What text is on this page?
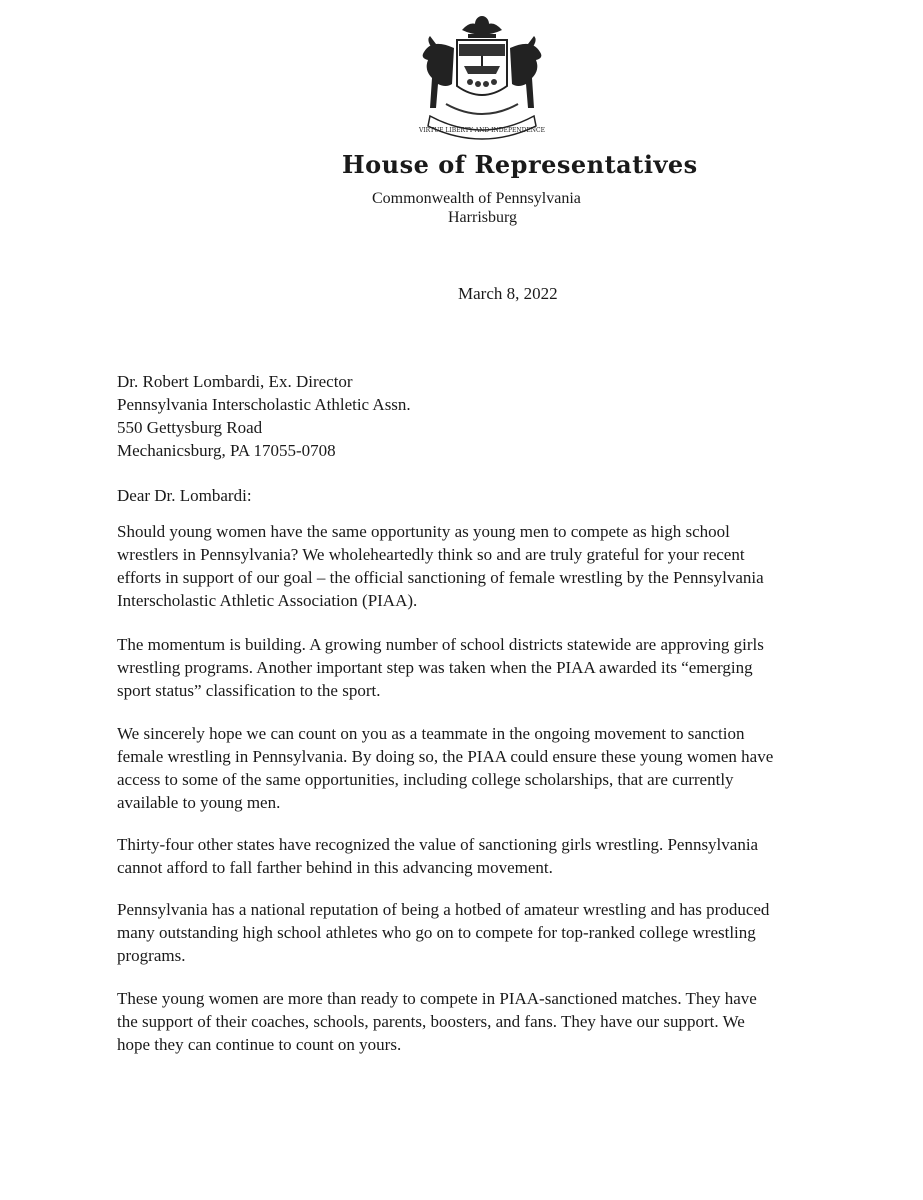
VIRTUE LIBERTY AND INDEPENDENCE
House of Representatives
Commonwealth of Pennsylvania
Harrisburg
March 8, 2022
Dr. Robert Lombardi, Ex. Director
Pennsylvania Interscholastic Athletic Assn.
550 Gettysburg Road
Mechanicsburg, PA 17055-0708
Dear Dr. Lombardi:
Should young women have the same opportunity as young men to compete as high school
wrestlers in Pennsylvania? We wholeheartedly think so and are truly grateful for your recent
efforts in support of our goal – the official sanctioning of female wrestling by the Pennsylvania
Interscholastic Athletic Association (PIAA).
The momentum is building. A growing number of school districts statewide are approving girls
wrestling programs. Another important step was taken when the PIAA awarded its “emerging
sport status” classification to the sport.
We sincerely hope we can count on you as a teammate in the ongoing movement to sanction
female wrestling in Pennsylvania. By doing so, the PIAA could ensure these young women have
access to some of the same opportunities, including college scholarships, that are currently
available to young men.
Thirty-four other states have recognized the value of sanctioning girls wrestling. Pennsylvania
cannot afford to fall farther behind in this advancing movement.
Pennsylvania has a national reputation of being a hotbed of amateur wrestling and has produced
many outstanding high school athletes who go on to compete for top-ranked college wrestling
programs.
These young women are more than ready to compete in PIAA-sanctioned matches. They have
the support of their coaches, schools, parents, boosters, and fans. They have our support. We
hope they can continue to count on yours.
